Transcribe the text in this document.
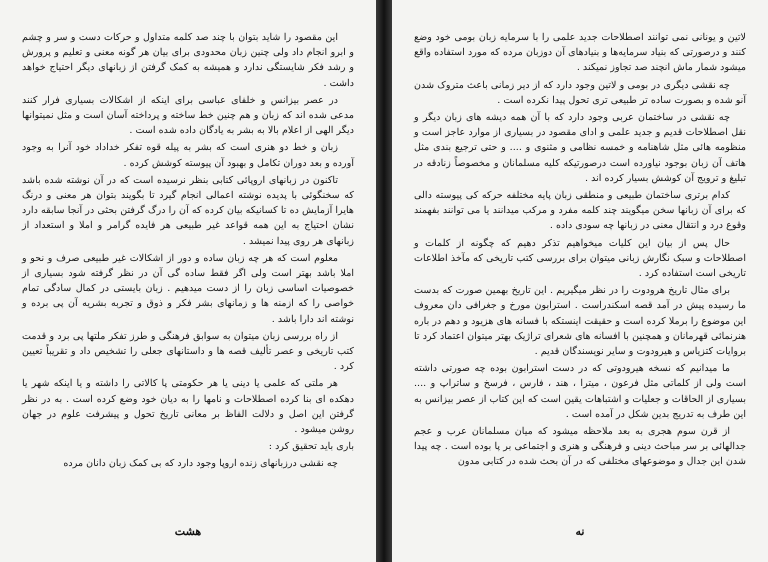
این مقصود را شاید بتوان با چند صد کلمه متداول و حرکات دست و سر و چشم و ابرو انجام داد ولی چنین زبان محدودی برای بیان هر گونه معنی و تعلیم و پرورش و رشد فکر شایستگی ندارد و همیشه به کمک گرفتن از زبانهای دیگر احتیاج خواهد داشت .

در عصر بیزانس و خلفای عباسی برای اینکه از اشکالات بسیاری فرار کنند مدعی شده اند که زبان و هم چنین خط ساخته و پرداخته آسان است و مثل نمیتوانها دیگر الهی از اعلام بالا به بشر به یادگان داده شده است .

زبان و خط دو هنری است که بشر به پیله قوه تفکر خداداد خود آنرا به وجود آورده و بعد دوران تکامل و بهبود آن پیوسته کوشش کرده .

تاکنون در زبانهای اروپائی کتابی بنظر نرسیده است که در آن نوشته شده باشد که سخنگوئی با پدیده نوشته اعمالی انجام گیرد تا بگویند بتوان هر معنی و درنگ هایرا آزمایش ده تا کسانیکه بیان کرده که آن را درگ گرفتن بحثی در آنجا سابقه دارد نشان احتیاج به این همه قواعد غیر طبیعی هر فایده گرامر و املا و استعداد از زبانهای هر روی پیدا نمیشد .

معلوم است که هر چه زبان ساده و دور از اشکالات غیر طبیعی صرف و نحو و املا باشد بهتر است ولی اگر فقط ساده گی آن در نظر گرفته شود بسیاری از خصوصیات اساسی زبان را از دست میدهیم . زبان بایستی در کمال سادگی تمام خواصی را که ازمنه ها و زمانهای بشر فکر و ذوق و تجربه بشریه آن پی برده و نوشته اند دارا باشد .

از راه بررسی زبان میتوان به سوابق فرهنگی و طرز تفکر ملتها پی برد و قدمت کتب تاریخی و عصر تألیف قصه ها و داستانهای جعلی را تشخیص داد و تقریباً تعیین کرد .

هر ملتی که علمی یا دینی یا هر حکومتی پا کالاتی را داشته و یا اینکه شهر یا دهکده ای بنا کرده اصطلاحات و نامها را به دیان خود وضع کرده است . به در نظر گرفتن این اصل و دلالت الفاظ بر معانی تاریخ تحول و پیشرفت علوم در جهان روشن میشود .

باری باید تحقیق کرد :

چه نقشی درزبانهای زنده اروپا وجود دارد که بی کمک زبان دانان مرده

هشت

لاتین و یونانی نمی توانند اصطلاحات جدید علمی را با سرمایه زبان بومی خود وضع کنند و درصورتی که بنیاد سرمایه‌ها و بنیادهای آن دوزبان مرده که مورد استفاده واقع میشود شمار ماش انچند صد تجاوز نمیکند .

چه نقشی دیگری در بومی و لاتین وجود دارد که از دیر زمانی باعث متروک شدن آنو شده و بصورت ساده تر طبیعی تری تحول پیدا نکرده است .

چه نقشی در ساختمان عربی وجود دارد که با آن همه دیشه های زبان دیگر و نقل اصطلاحات قدیم و جدید علمی و ادای مقصود در بسیاری از موارد عاجز است و منظومه هائی مثل شاهنامه و خمسه نظامی و مثنوی و .... و حتی ترجیع بندی مثل هاتف آن زبان بوجود نیاورده است درصورتیکه کلیه مسلمانان و مخصوصاً زنادقه در تبلیغ و ترویج آن کوشش بسیار کرده اند .

کدام برتری ساختمان طبیعی و منطقی زبان پایه مختلفه حرکه کی پیوسته دالی که برای آن زبانها سخن میگویند چند کلمه مفرد و مرکب میدانند یا می توانند بفهمند وقوع درد و انتقال معنی در زبانها چه سودی داده .

حال پس از بیان این کلیات میخواهیم تذکر دهیم که چگونه از کلمات و اصطلاحات و سبک نگارش زبانی میتوان برای بررسی کتب تاریخی که مآخذ اطلاعات تاریخی است استفاده کرد .

برای مثال تاریخ هرودوت را در نظر میگیریم . این تاریخ بهمین صورت که بدست ما رسیده پیش در آمد قصه اسکندراست . استرابون مورخ و جغرافی دان معروف این موضوع را برملا کرده است و حقیقت اینستکه با فسانه های هزیود و دهم در باره هنرنمائی قهرمانان و همچنین با افسانه های شعرای تراژیک بهتر میتوان اعتماد کرد تا بروایات کتزیاس و هیرودوت و سایر نویسندگان قدیم .

ما میدانیم که نسخه هیرودوتی که در دست استرابون بوده چه صورتی داشته است ولی از کلماتی مثل فرعون ، میترا ، هند ، فارس ، فرسخ و ساتراپ و .... بسیاری از الحاقات و جعلیات و اشتباهات یقین است که این کتاب از عصر بیزانس به این طرف به تدریج بدین شکل در آمده است .

از قرن سوم هجری به بعد ملاحظه میشود که میان مسلمانان عرب و عجم جدالهائی بر سر مباحث دینی و فرهنگی و هنری و اجتماعی بر پا بوده است . چه پیدا شدن این جدال و موضوعهای مختلفی که در آن بحث شده در کتابی مدون

نه
